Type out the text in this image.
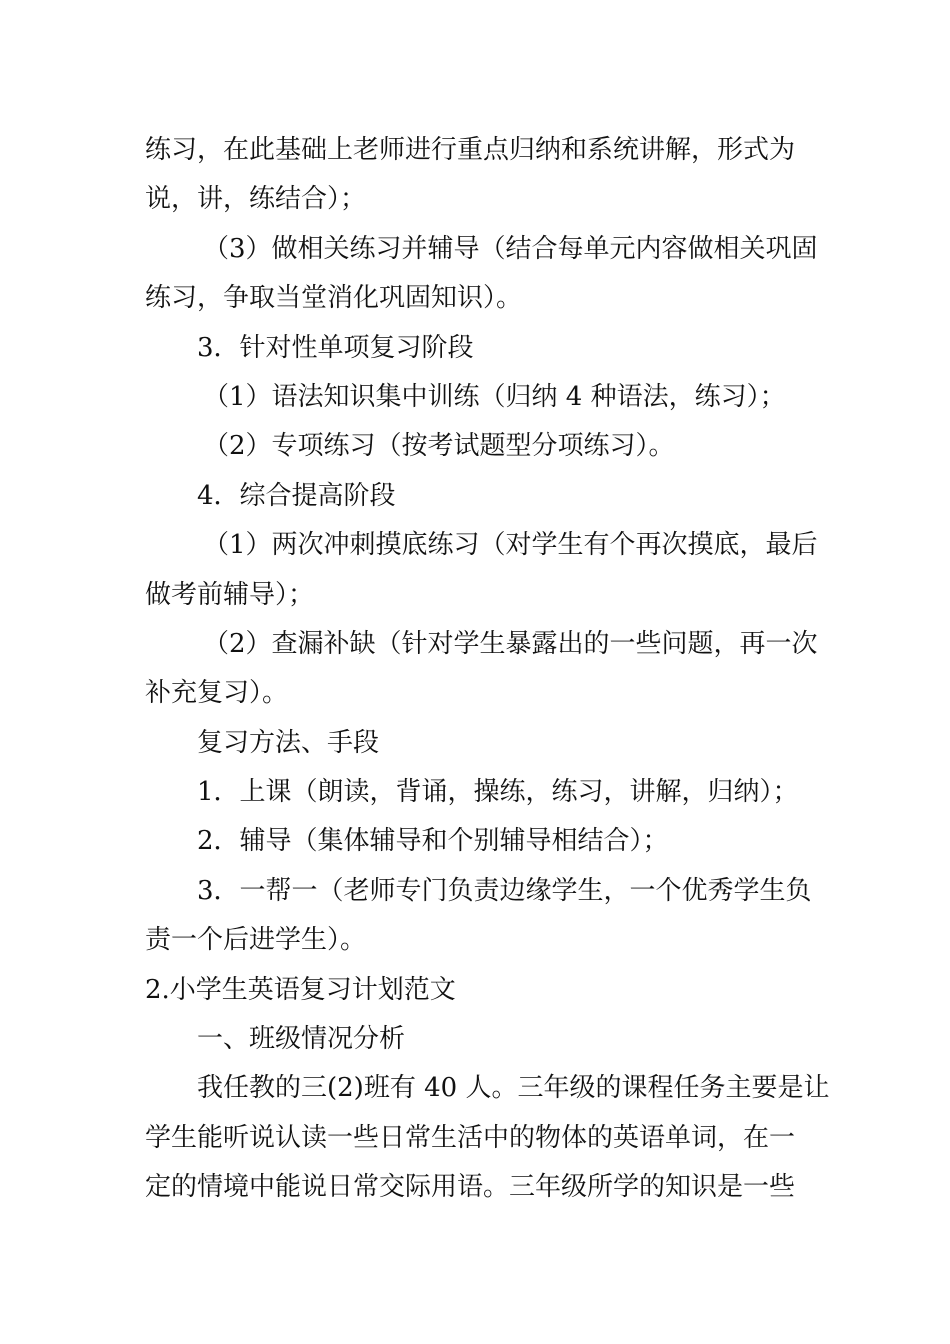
练习，在此基础上老师进行重点归纳和系统讲解，形式为
说，讲，练结合）；
（3）做相关练习并辅导（结合每单元内容做相关巩固
练习，争取当堂消化巩固知识）。
3．针对性单项复习阶段
（1）语法知识集中训练（归纳 4 种语法，练习）；
（2）专项练习（按考试题型分项练习）。
4．综合提高阶段
（1）两次冲刺摸底练习（对学生有个再次摸底，最后
做考前辅导）；
（2）查漏补缺（针对学生暴露出的一些问题，再一次
补充复习）。
复习方法、手段
1．上课（朗读，背诵，操练，练习，讲解，归纳）；
2．辅导（集体辅导和个别辅导相结合）；
3．一帮一（老师专门负责边缘学生，一个优秀学生负
责一个后进学生）。
2.小学生英语复习计划范文
一、班级情况分析
我任教的三(2)班有 40 人。三年级的课程任务主要是让
学生能听说认读一些日常生活中的物体的英语单词，在一
定的情境中能说日常交际用语。三年级所学的知识是一些
